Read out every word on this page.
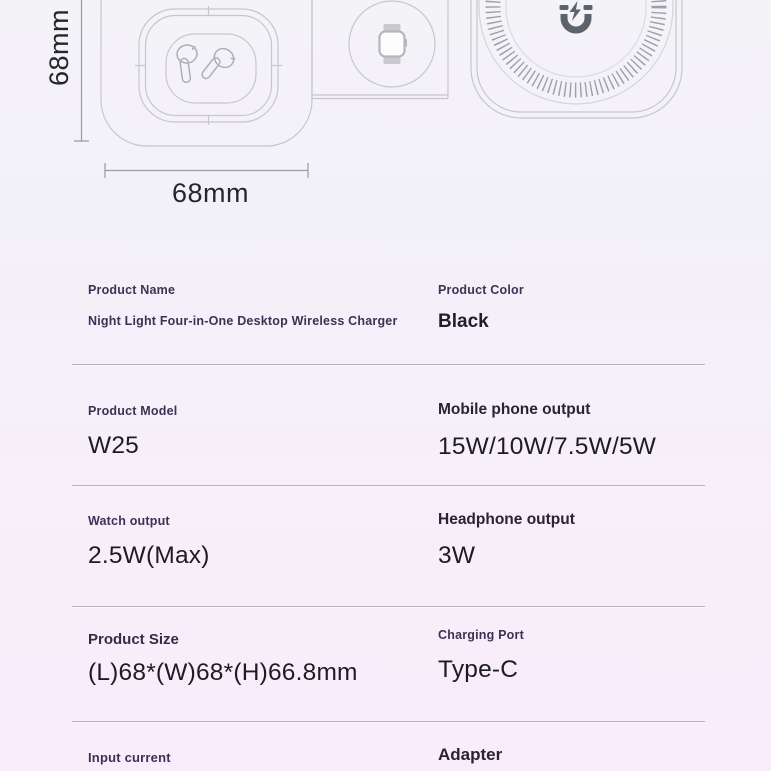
68mm
68mm
Product Name
Night Light Four-in-One Desktop Wireless Charger
Product Color
Black
Product Model
W25
Mobile phone output
15W/10W/7.5W/5W
Watch output
2.5W(Max)
Headphone output
3W
Product Size
(L)68*(W)68*(H)66.8mm
Charging Port
Type-C
Input current	Adapter
